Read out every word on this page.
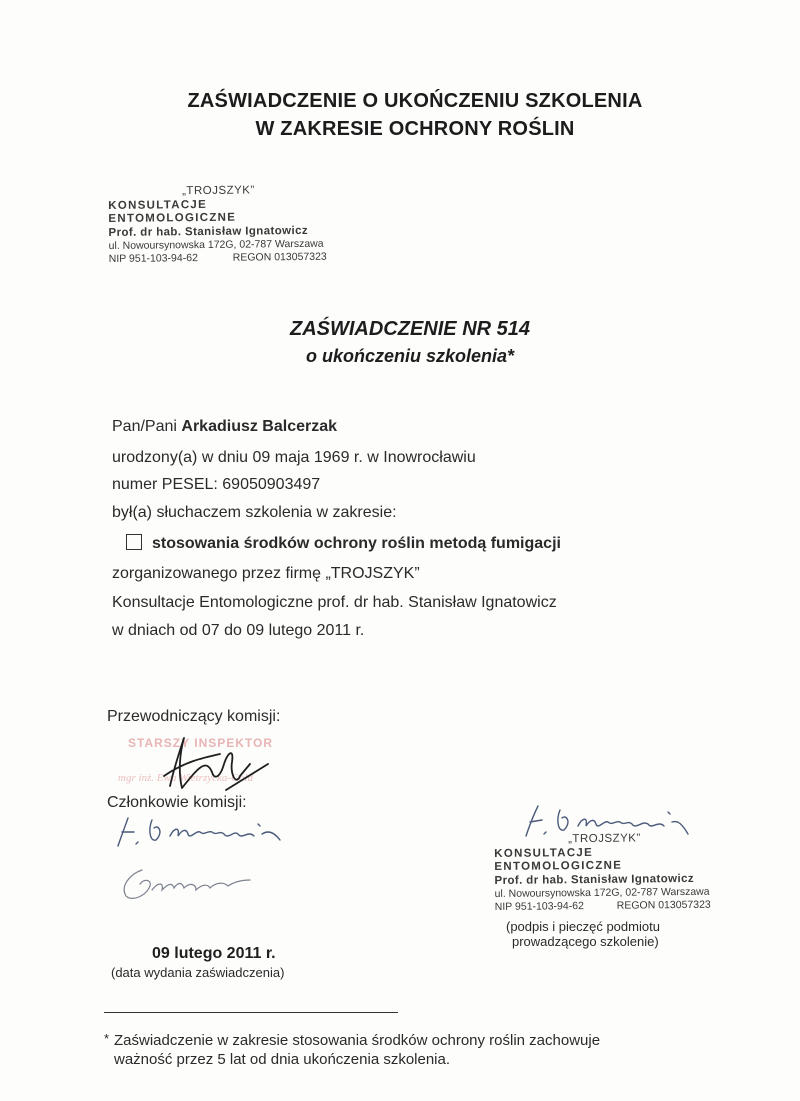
ZAŚWIADCZENIE O UKOŃCZENIU SZKOLENIA
W ZAKRESIE OCHRONY ROŚLIN
„TROJSZYK”
KONSULTACJE ENTOMOLOGICZNE
Prof. dr hab. Stanisław Ignatowicz
ul. Nowoursynowska 172G, 02-787 Warszawa
NIP 951-103-94-62	REGON 013057323
ZAŚWIADCZENIE NR 514
o ukończeniu szkolenia*
Pan/Pani Arkadiusz Balcerzak
urodzony(a) w dniu 09 maja 1969 r. w Inowrocławiu
numer PESEL: 69050903497
był(a) słuchaczem szkolenia w zakresie:
stosowania środków ochrony roślin metodą fumigacji
zorganizowanego przez firmę „TROJSZYK”
Konsultacje Entomologiczne prof. dr hab. Stanisław Ignatowicz
w dniach od 07 do 09 lutego 2011 r.
Przewodniczący komisji:
STARSZY INSPEKTOR
mgr inż. Ewa Wietrzycka-Gołd
Członkowie komisji:
09 lutego 2011 r.
(data wydania zaświadczenia)
„TROJSZYK”
KONSULTACJE ENTOMOLOGICZNE
Prof. dr hab. Stanisław Ignatowicz
ul. Nowoursynowska 172G, 02-787 Warszawa
NIP 951-103-94-62	REGON 013057323
(podpis i pieczęć podmiotu
prowadzącego szkolenie)
* Zaświadczenie w zakresie stosowania środków ochrony roślin zachowuje
ważność przez 5 lat od dnia ukończenia szkolenia.
